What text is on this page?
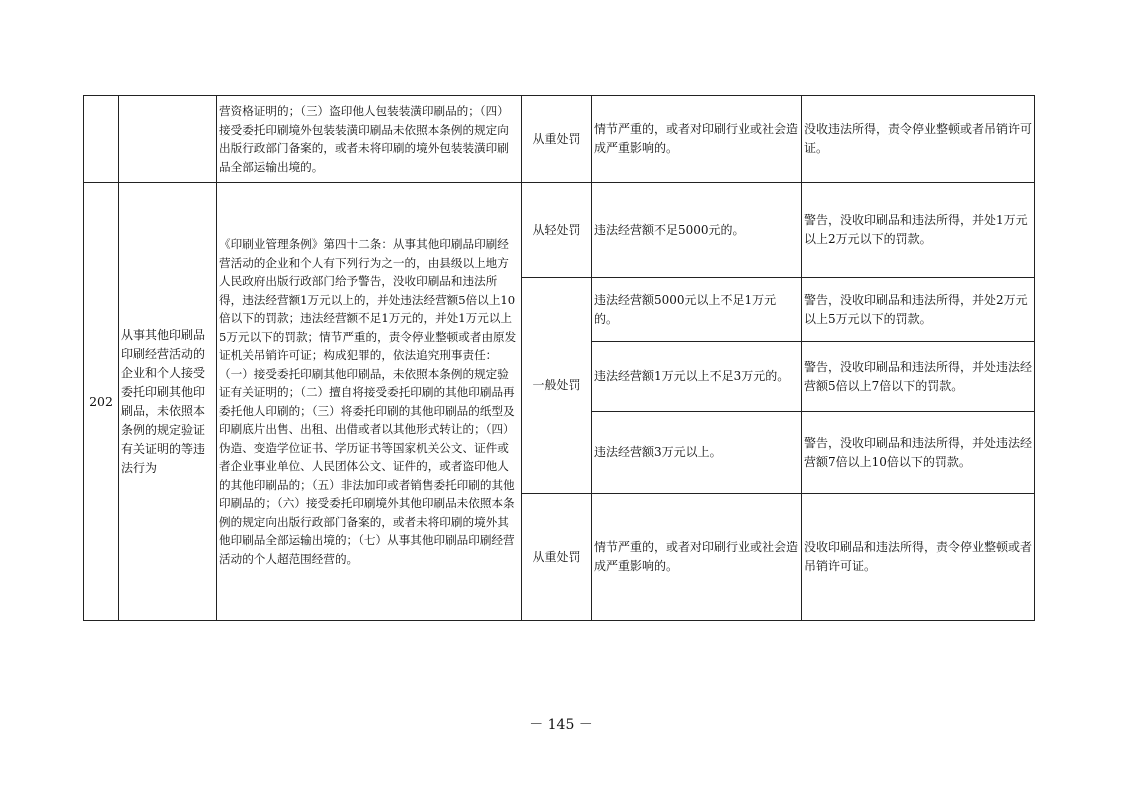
		营资格证明的；（三）盗印他人包装装潢印刷品的；（四）接受委托印刷境外包装装潢印刷品未依照本条例的规定向出版行政部门备案的，或者未将印刷的境外包装装潢印刷品全部运输出境的。	从重处罚	情节严重的，或者对印刷行业或社会造成严重影响的。	没收违法所得，责令停业整顿或者吊销许可证。
202	从事其他印刷品印刷经营活动的企业和个人接受委托印刷其他印刷品，未依照本条例的规定验证有关证明的等违法行为	《印刷业管理条例》第四十二条：从事其他印刷品印刷经营活动的企业和个人有下列行为之一的，由县级以上地方人民政府出版行政部门给予警告，没收印刷品和违法所得，违法经营额1万元以上的，并处违法经营额5倍以上10倍以下的罚款；违法经营额不足1万元的，并处1万元以上5万元以下的罚款；情节严重的，责令停业整顿或者由原发证机关吊销许可证；构成犯罪的，依法追究刑事责任：（一）接受委托印刷其他印刷品，未依照本条例的规定验证有关证明的；（二）擅自将接受委托印刷的其他印刷品再委托他人印刷的；（三）将委托印刷的其他印刷品的纸型及印刷底片出售、出租、出借或者以其他形式转让的；（四）伪造、变造学位证书、学历证书等国家机关公文、证件或者企业事业单位、人民团体公文、证件的，或者盗印他人的其他印刷品的；（五）非法加印或者销售委托印刷的其他印刷品的；（六）接受委托印刷境外其他印刷品未依照本条例的规定向出版行政部门备案的，或者未将印刷的境外其他印刷品全部运输出境的；（七）从事其他印刷品印刷经营活动的个人超范围经营的。	从轻处罚	违法经营额不足5000元的。	警告，没收印刷品和违法所得，并处1万元以上2万元以下的罚款。
			一般处罚	违法经营额5000元以上不足1万元的。	警告，没收印刷品和违法所得，并处2万元以上5万元以下的罚款。
				违法经营额1万元以上不足3万元的。	警告，没收印刷品和违法所得，并处违法经营额5倍以上7倍以下的罚款。
				违法经营额3万元以上。	警告，没收印刷品和违法所得，并处违法经营额7倍以上10倍以下的罚款。
			从重处罚	情节严重的，或者对印刷行业或社会造成严重影响的。	没收印刷品和违法所得，责令停业整顿或者吊销许可证。
－ 145 －
